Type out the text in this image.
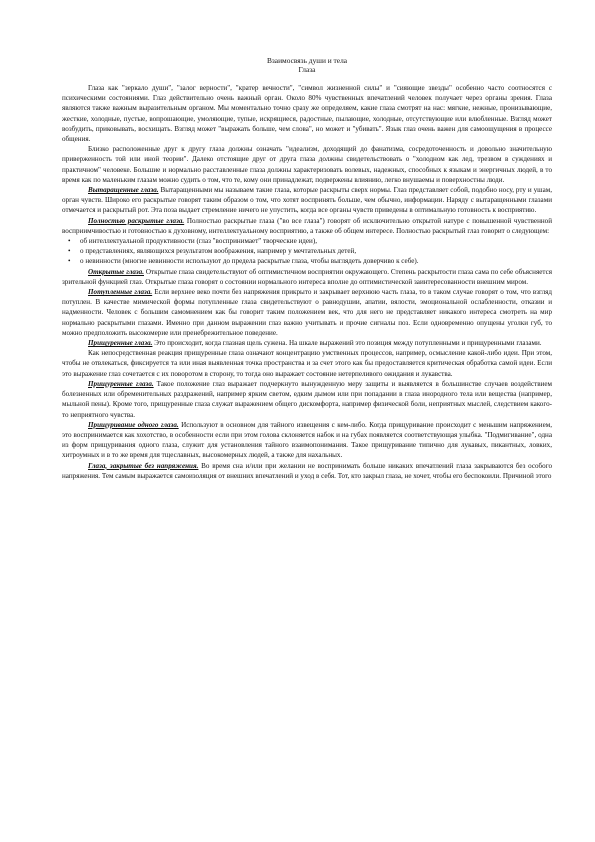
Взаимосвязь души и тела
Глаза

Глаза как "зеркало души", "залог верности", "кратер вечности", "символ жизненной силы" и "сияющие звезды" особенно часто соотносятся с психическими состояниями. Глаз действительно очень важный орган. Около 80% чувственных впечатлений человек получает через органы зрения. Глаза являются также важным выразительным органом. Мы моментально точно сразу же определяем, какие глаза смотрят на нас: мягкие, нежные, пронизывающие, жесткие, холодные, пустые, вопрошающие, умоляющие, тупые, искрящиеся, радостные, пылающие, холодные, отсутствующие или влюбленные. Взгляд может возбудить, приковывать, восхищать. Взгляд может "выражать больше, чем слова", но может и "убивать". Язык глаз очень важен для самоощущения в процессе общения.

Близко расположенные друг к другу глаза должны означать "идеализм, доходящий до фанатизма, сосредоточенность и довольно значительную приверженность той или иной теории". Далеко отстоящие друг от друга глаза должны свидетельствовать о "холодном как лед, трезвом в суждениях и практичном" человеке. Большие и нормально расставленные глаза должны характеризовать волевых, надежных, способных к языкам и энергичных людей, в то время как по маленьким глазам можно судить о том, что те, кому они принадлежат, подвержены влиянию, легко внушаемы и поверхностны люди.

Вытаращенные глаза. Вытаращенными мы называем такие глаза, которые раскрыты сверх нормы. Глаз представляет собой, подобно носу, рту и ушам, орган чувств. Широко его раскрытые говорят таким образом о том, что хотят воспринять больше, чем обычно, информации. Наряду с вытаращенными глазами отмечается и раскрытый рот. Эта поза выдает стремление ничего не упустить, когда все органы чувств приведены в оптимальную готовность к восприятию.

Полностью раскрытые глаза. Полностью раскрытые глаза ("во все глаза") говорят об исключительно открытой натуре с повышенной чувственной восприимчивостью и готовностью к духовному, интеллектуальному восприятию, а также об общем интересе. Полностью раскрытый глаз говорит о следующем:

• об интеллектуальной продуктивности (глаз "воспринимает" творческие идеи),
• о представлениях, являющихся результатом воображения, например у мечтательных детей,
• о невинности (многие невинности используют до предела раскрытые глаза, чтобы выглядеть доверчиво к себе).

Открытые глаза. Открытые глаза свидетельствуют об оптимистичном восприятии окружающего. Степень раскрытости глаза сама по себе объясняется зрительной функцией глаз. Открытые глаза говорят о состоянии нормального интереса вполне до оптимистической заинтересованности внешним миром.

Потупленные глаза. Если верхнее веко почти без напряжения прикрыто и закрывает верхнюю часть глаза, то в таком случае говорят о том, что взгляд потуплен. В качестве мимической формы потупленные глаза свидетельствуют о равнодушии, апатии, вялости, эмоциональной ослабленности, отказии и надменности. Человек с большим самомнением как бы говорит таким положением век, что для него не представляет никакого интереса смотреть на мир нормально раскрытыми глазами. Именно при данном выражении глаз важно учитывать и прочие сигналы поз. Если одновременно опущены уголки губ, то можно предположить высокомерие или пренебрежительное поведение.

Прищуренные глаза. Это происходит, когда глазная щель сужена. На шкале выражений это позиция между потупленными и прищуренными глазами.

Как непосредственная реакция прищуренные глаза означают концентрацию умственных процессов, например, осмысление какой-либо идеи. При этом, чтобы не отвлекаться, фиксируется та или иная выявленная точка пространства и за счет этого как бы предоставляется критическая обработка самой идеи. Если это выражение глаз сочетается с их поворотом в сторону, то тогда оно выражает состояние нетерпеливого ожидания и лукавства.

Прищуренные глаза. Такое положение глаз выражает подчеркнуто вынужденную меру защиты и выявляется в большинстве случаев воздействием болезненных или обременительных раздражений, например ярким светом, едким дымом или при попадании в глаза инородного тела или вещества (например, мыльной пены). Кроме того, прищуренные глаза служат выражением общего дискомфорта, например физической боли, неприятных мыслей, следствием какого-то неприятного чувства.

Прищуривание одного глаза. Используют в основном для тайного извещения с кем-либо. Когда прищуривание происходит с меньшим напряжением, это воспринимается как хохотство, в особенности если при этом голова склоняется набок и на губах появляется соответствующая улыбка. "Подмигивание", одна из форм прищуривания одного глаза, служит для установления тайного взаимопонимания. Такое прищуривание типично для лукавых, пикантных, ловких, хитроумных и в то же время для тщеславных, высокомерных людей, а также для нахальных.

Глаза, закрытые без напряжения. Во время сна и/или при желании не воспринимать больше никаких впечатлений глаза закрываются без особого напряжения. Тем самым выражается самоизоляция от внешних впечатлений и уход в себя. Тот, кто закрыл глаза, не хочет, чтобы его беспокоили. Причиной этого
